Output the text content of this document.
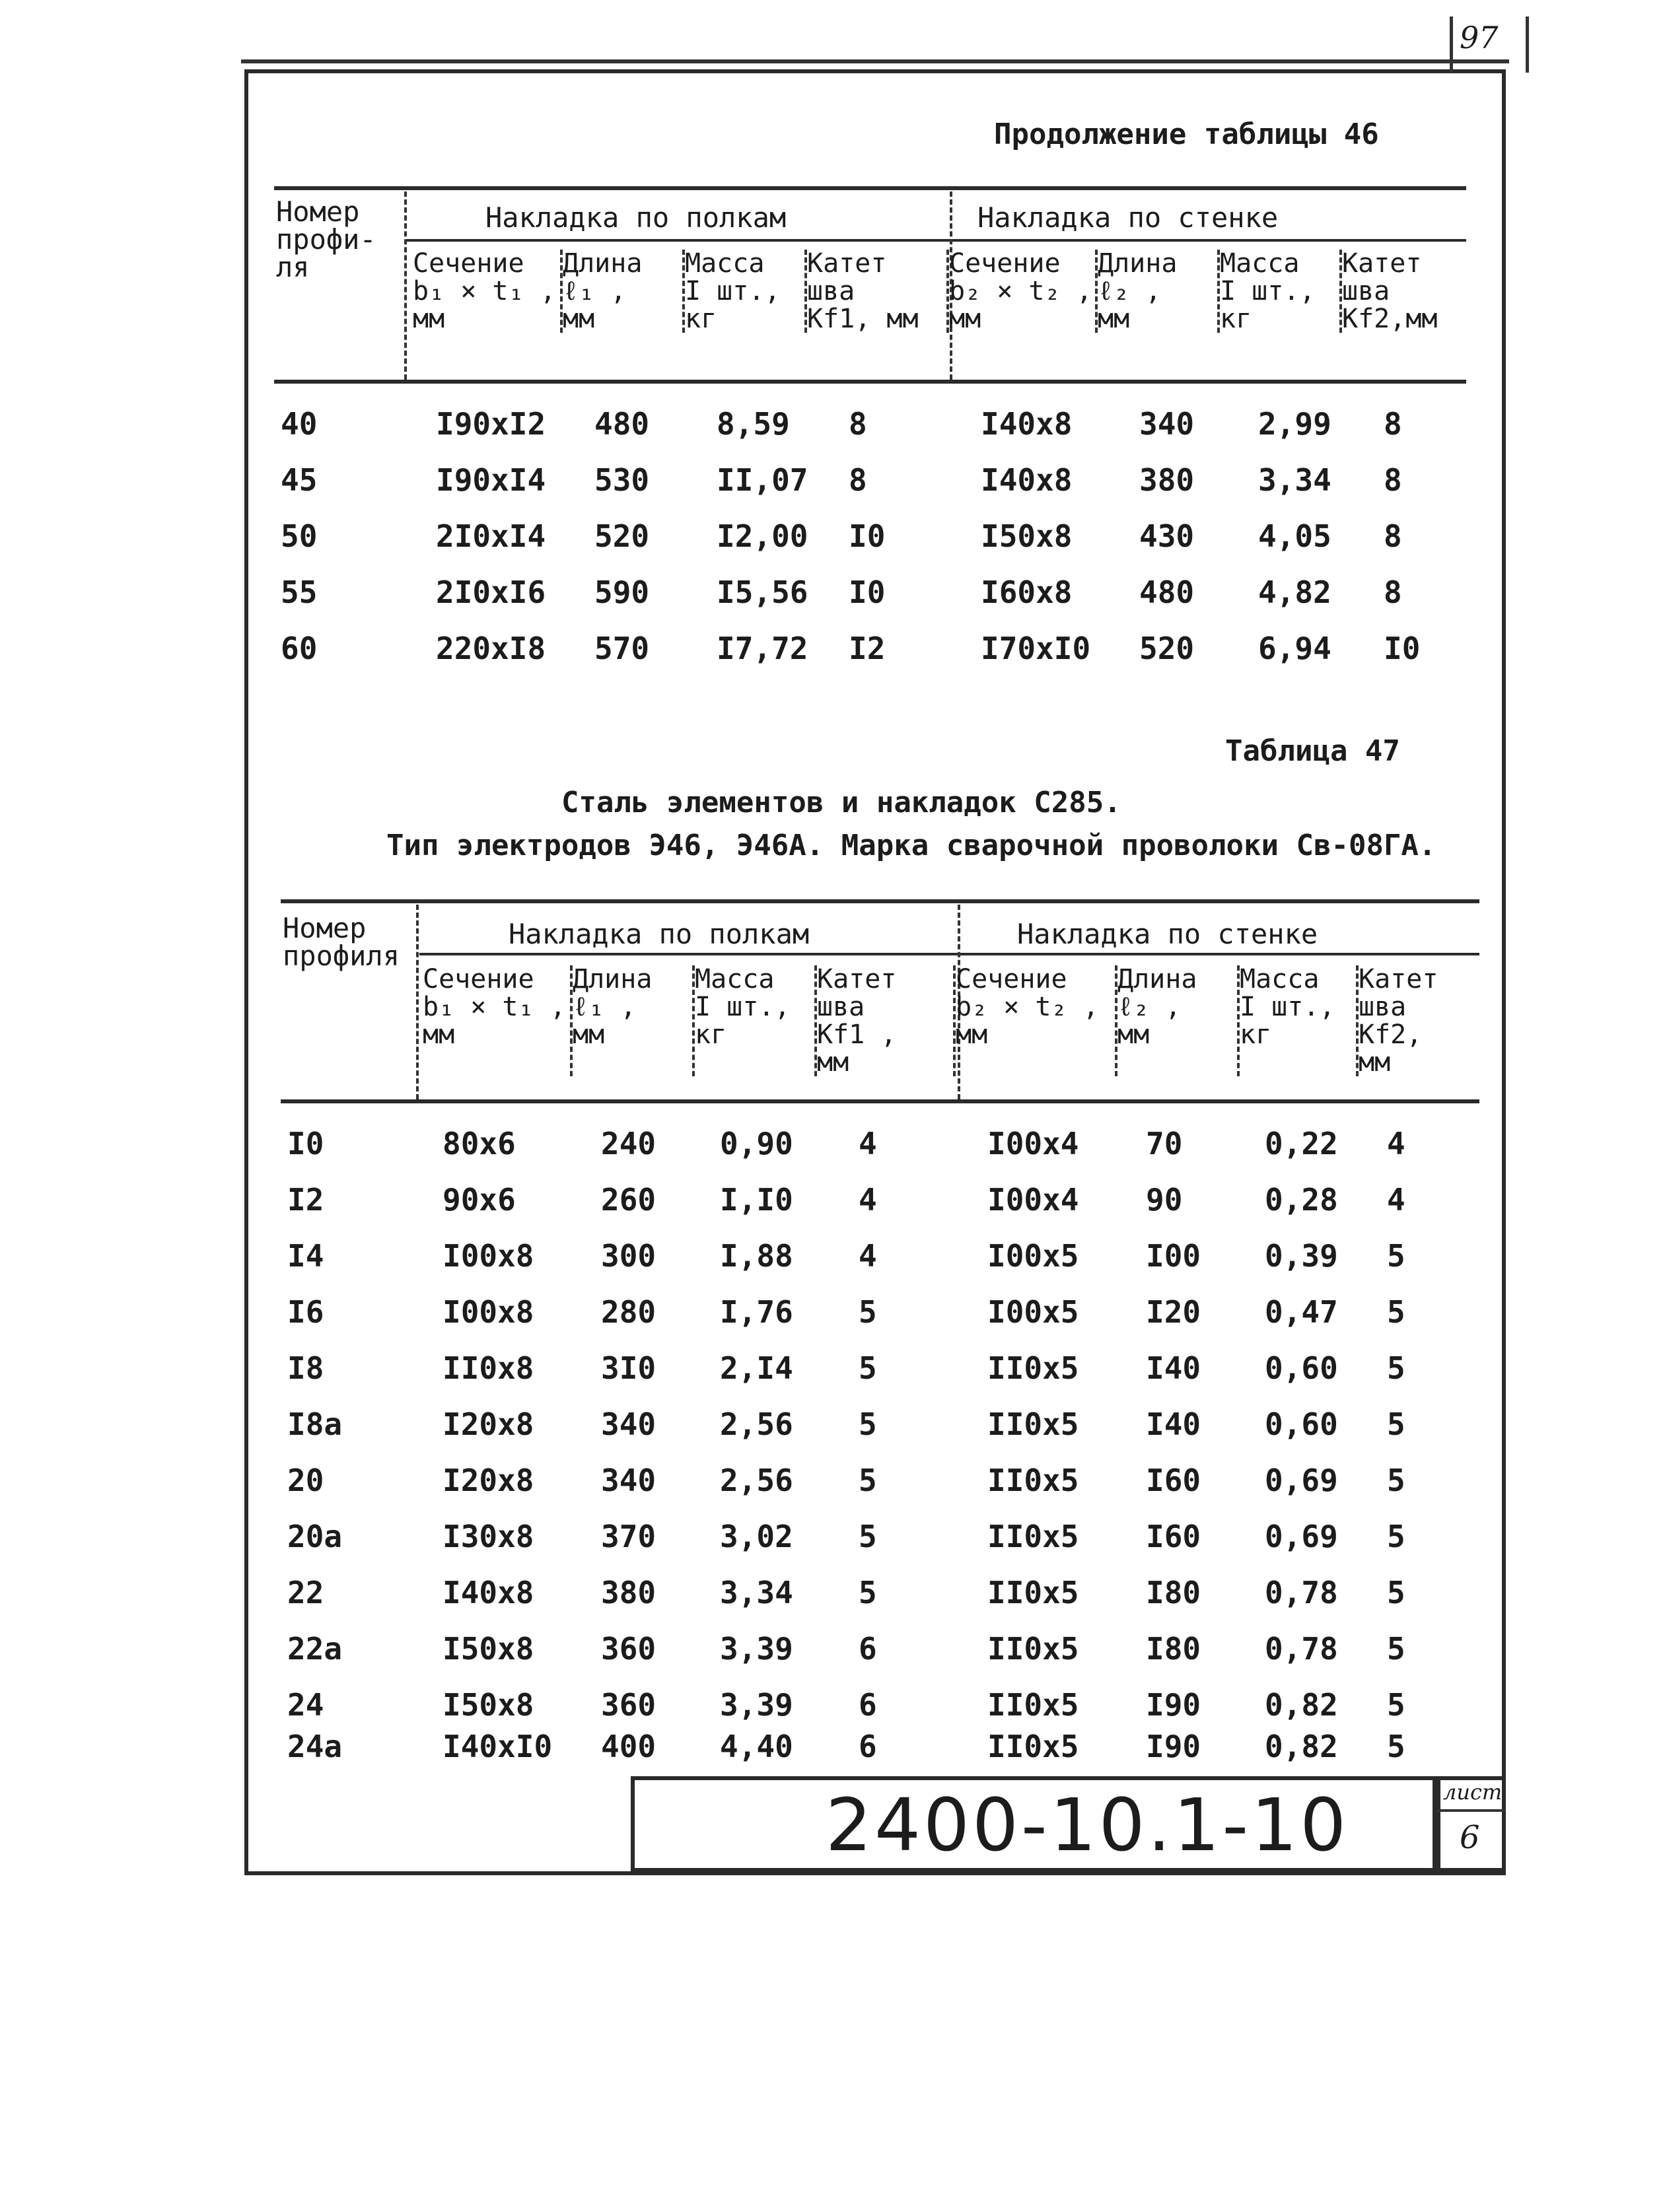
97
Продолжение таблицы 46
Номер
профи-
ля
Накладка по полкам	Накладка по стенке
Сечение
b₁ × t₁ ,
мм

Длина
ℓ₁ ,
мм

Масса
I шт.,
кг

Катет
шва
Kf1, мм

Сечение
b₂ × t₂ ,
мм

Длина
ℓ₂ ,
мм

Масса
I шт.,
кг

Катет
шва
Kf2,мм
40	I90xI2 480 8,59 8	I40x8 340 2,99 8
45	I90xI4 530 II,07 8	I40x8 380 3,34 8
50	2I0xI4 520 I2,00 I0	I50x8 430 4,05 8
55	2I0xI6 590 I5,56 I0	I60x8 480 4,82 8
60	220xI8 570 I7,72 I2	I70xI0 520 6,94 I0
Таблица 47
Сталь элементов и накладок С285.
Тип электродов Э46, Э46А. Марка сварочной проволоки Св-08ГА.
Номер
профиля
Накладка по полкам	Накладка по стенке
Сечение
b₁ × t₁ ,
мм

Длина
ℓ₁ ,
мм

Масса
I шт.,
кг

Катет
шва
Kf1 ,
мм

Сечение
b₂ × t₂ ,
мм

Длина
ℓ₂ ,
мм

Масса
I шт.,
кг

Катет
шва
Kf2,
мм
I0	80x6	240 0,90 4	I00x4 70	0,22 4
I2	90x6	260 I,I0 4	I00x4 90	0,28 4
I4	I00x8 300 I,88 4	I00x5 I00 0,39 5
I6	I00x8 280 I,76 5	I00x5 I20 0,47 5
I8	II0x8 3I0 2,I4 5	II0x5 I40 0,60 5
I8a	I20x8 340 2,56 5	II0x5 I40 0,60 5
20	I20x8 340 2,56 5	II0x5 I60 0,69 5
20a	I30x8 370 3,02 5	II0x5 I60 0,69 5
22	I40x8 380 3,34 5	II0x5 I80 0,78 5
22a	I50x8 360 3,39 6	II0x5 I80 0,78 5
24	I50x8 360 3,39 6	II0x5 I90 0,82 5
24a	I40xI0 400 4,40 6	II0x5 I90 0,82 5
2400-10.1-10	лист
6
